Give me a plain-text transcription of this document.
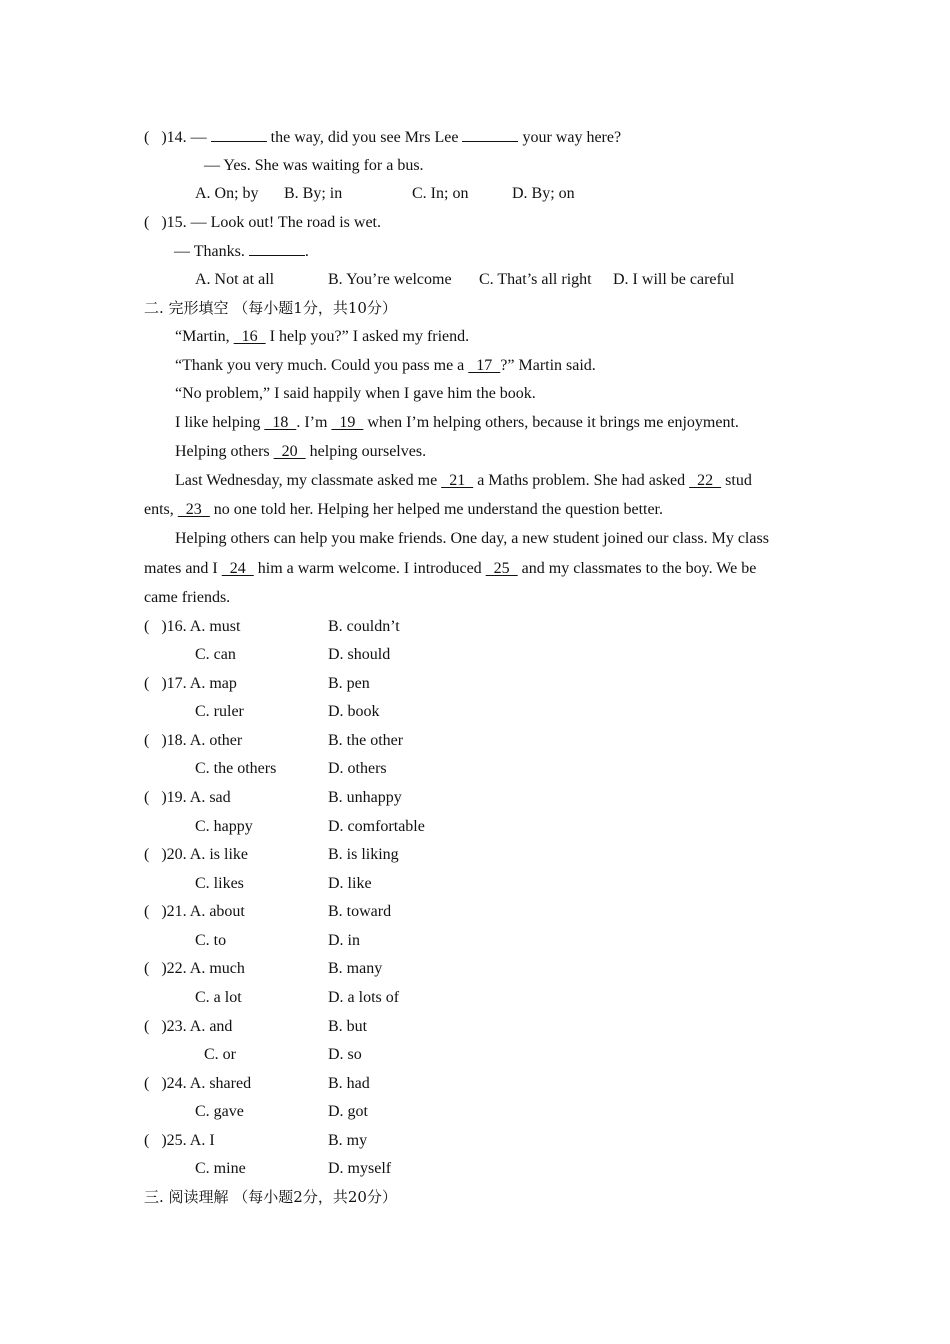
( )14. —	the way, did you see Mrs Lee	your way here?
— Yes. She was waiting for a bus.
A. On; by B. By; in	C. In; on	D. By; on
( )15. — Look out! The road is wet.
— Thanks.	.
A. Not at all	B. You’re welcome C. That’s all right D. I will be careful
二. 完形填空 （每小题1分，共10分）
“Martin,   16   I help you?” I asked my friend.
“Thank you very much. Could you pass me a   17  ?” Martin said.
“No problem,” I said happily when I gave him the book.
I like helping   18  . I’m   19   when I’m helping others, because it brings me enjoyment.
Helping others   20   helping ourselves.
Last Wednesday, my classmate asked me   21   a Maths problem. She had asked   22   stud
ents,   23   no one told her. Helping her helped me understand the question better.
Helping others can help you make friends. One day, a new student joined our class. My class
mates and I   24   him a warm welcome. I introduced   25   and my classmates to the boy. We be
came friends.
( )16. A. must	B. couldn’t
C. can	D. should
( )17. A. map	B. pen
C. ruler	D. book
( )18. A. other	B. the other
C. the others	D. others
( )19. A. sad	B. unhappy
C. happy	D. comfortable
( )20. A. is like	B. is liking
C. likes	D. like
( )21. A. about	B. toward
C. to	D. in
( )22. A. much	B. many
C. a lot	D. a lots of
( )23. A. and	B. but
C. or	D. so
( )24. A. shared	B. had
C. gave	D. got
( )25. A. I	B. my
C. mine	D. myself
三. 阅读理解 （每小题2分，共20分）
